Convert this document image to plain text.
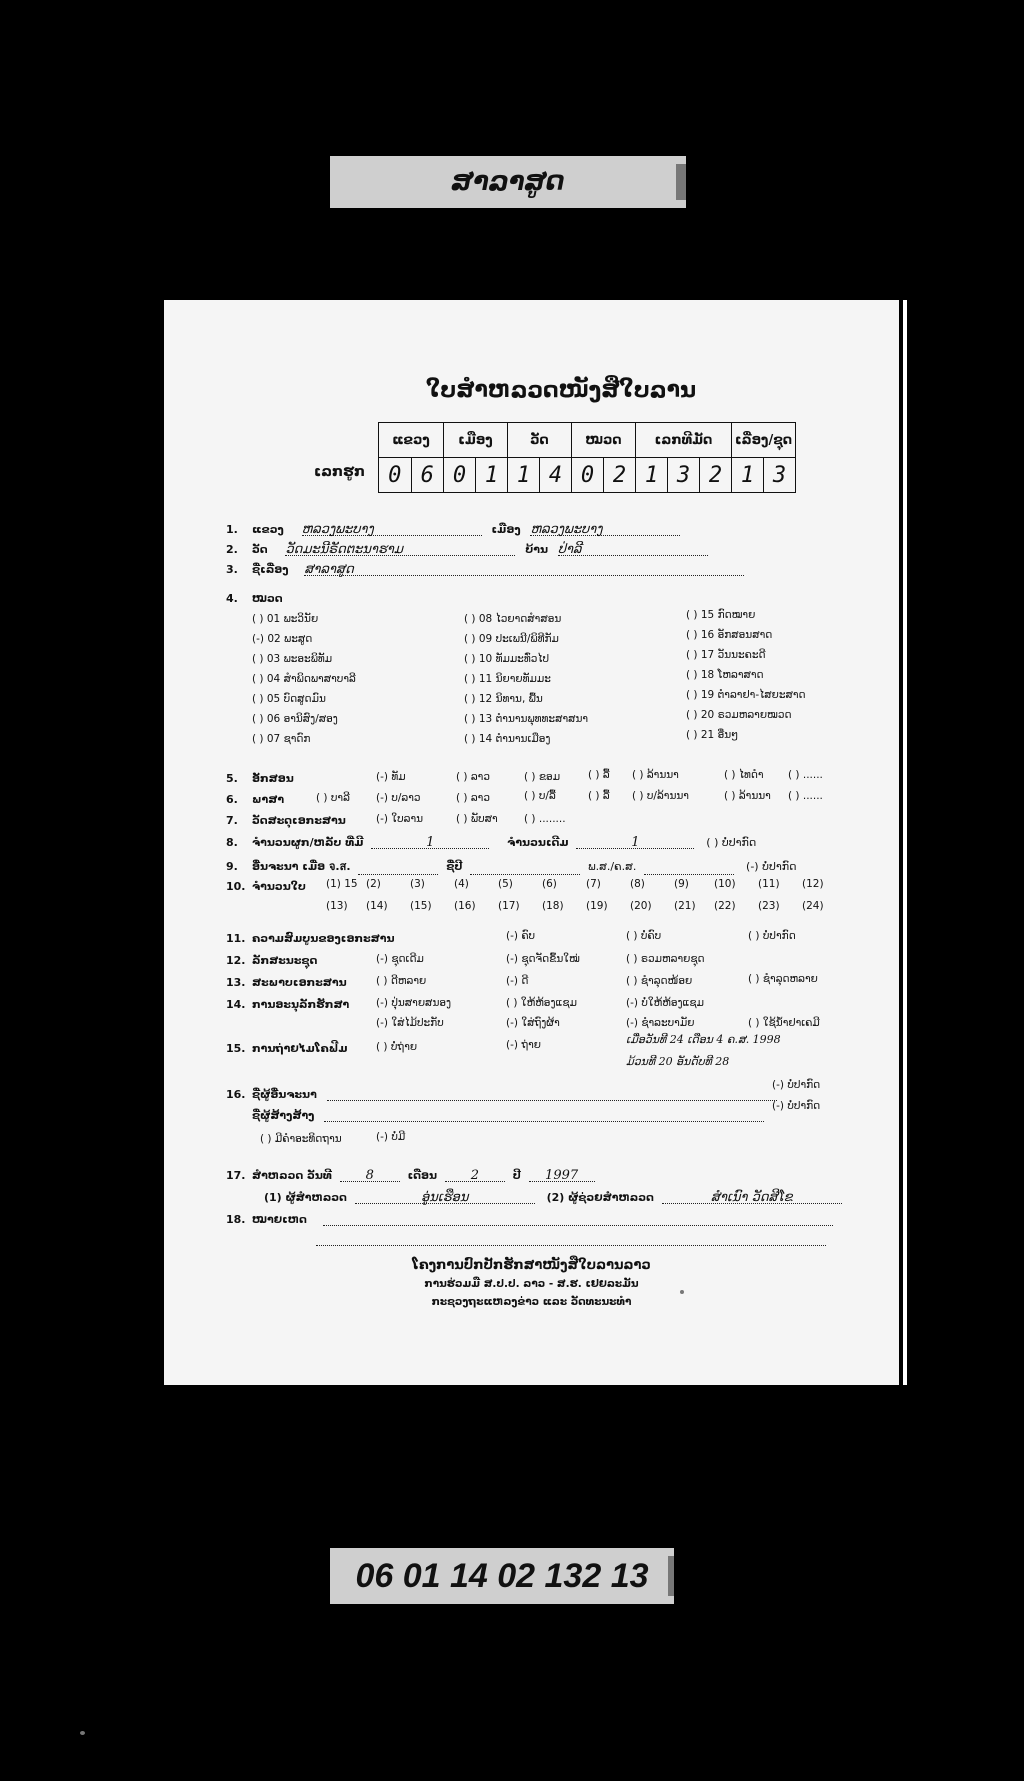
ສາລາສູດ
ໃບສຳຫລວດໜັງສືໃບລານ
ເລກຮູກ
ແຂວງ		ເມືອງ		ວັດ		ໝວດ		ເລກທີມັດ			ເລື່ອງ/ຊຸດ	
0	6	0	1	1	4	0	2	1	3	2	1	3
1. ແຂວງ ຫລວງພະບາງ	ເມືອງ ຫລວງພະບາງ
2. ວັດ ວັດມະນີຣັດຕະນາຮາມ	ບ້ານ ປ່າລີ
3. ຊື່ເລື່ອງ ສາລາສູດ
4. ໝວດ
( ) 01 ພະວິນັຍ
(-) 02 ພະສູດ
( ) 03 ພະອະພິທັມ
( ) 04 ສຳພິດພາສາບາລີ
( ) 05 ບົດສູດມົນ
( ) 06 ອານິສົງ/ສອງ
( ) 07 ຊາດົກ
( ) 08 ໄວຍາດສຳສອນ
( ) 09 ປະເພນີ/ພິທີກັມ
( ) 10 ທັມມະທົ່ວໄປ
( ) 11 ນິຍາຍທັມມະ
( ) 12 ນິທານ, ພື້ນ
( ) 13 ຕຳນານພຸທທະສາສນາ
( ) 14 ຕຳນານເມືອງ
( ) 15 ກົດໝາຍ
( ) 16 ອັກສອນສາດ
( ) 17 ວັນນະຄະດີ
( ) 18 ໂຫລາສາດ
( ) 19 ຕຳລາຢາ-ໄສຍະສາດ
( ) 20 ຣວມຫລາຍໝວດ
( ) 21 ອື່ນໆ
5. ອັກສອນ	(-) ທັມ	( ) ລາວ	( ) ຂອມ	( ) ລື້ ( ) ລ້ານນາ	( ) ໄທດຳ ( ) ......
6. ພາສາ	( ) ບາລີ (-) ບ/ລາວ	( ) ລາວ	( ) ບ/ລື້	( ) ລື້ ( ) ບ/ລ້ານນາ	( ) ລ້ານນາ ( ) ......
7. ວັດສະດຸເອກະສານ	(-) ໃບລານ	( ) ພັບສາ	( ) ........
8. ຈຳນວນຜູກ/ຫລັບ ທີ່ມີ	1	ຈຳນວນເດີມ	1	( ) ບໍ່ປາກົດ
9. ອື່ນຈະນາ ເມື່ອ จ.ส.	ຊື່ປີ	ພ.ສ./ຄ.ສ.	(-) ບໍ່ປາກົດ
10. ຈຳນວນໃບ (1) 15 (2)	(3)	(4)	(5)	(6)	(7)	(8)	(9) (10) (11) (12)
(13) (14) (15) (16) (17) (18) (19) (20) (21) (22) (23) (24)
11. ຄວາມສົມບູນຂອງເອກະສານ	(-) ຄົບ	( ) ບໍ່ຄົບ	( ) ບໍ່ປາກົດ
12. ລັກສະນະຊຸດ	(-) ຊຸດເດີມ	(-) ຊຸດຈັດຂຶ້ນໃໝ່	( ) ຣວມຫລາຍຊຸດ
13. ສະພາບເອກະສານ	( ) ດີຫລາຍ	(-) ດີ	( ) ຊຳລຸດໜ້ອຍ	( ) ຊຳລຸດຫລາຍ
14. ການອະນຸລັກຮັກສາ	(-) ປຸ່ນສາຍສນອງ	( ) ໃຫ້ຫ້ອງແຊມ	(-) ບໍ່ໃຫ້ຫ້ອງແຊມ
(-) ໃສ່ໄມ້ປະກັບ	(-) ໃສ່ຖົງຜ້າ	(-) ຊໍາລະບາມັຍ	( ) ໃຊ້ນ້ຳຢາເຄມີ
15. ການຖ່າຍໄມໂຄຟີມ	( ) ບໍ່ຖ່າຍ	(-) ຖ່າຍ	ເມື່ອວັນທີ 24 ເດືອນ 4 ຄ.ສ. 1998
ມ້ວນທີ 20 ອັນດັບທີ 28
16. ຊື່ຜູ້ອື່ນຈະນາ
(-) ບໍ່ປາກົດ
ຊື່ຜູ້ສ້າງສ້າງ
(-) ບໍ່ປາກົດ
( ) ມີຄຳອະທິດຖານ	(-) ບໍ່ມີ
17. ສຳຫລວດ ວັນທີ	8	ເດືອນ	2	ປີ 1997
(1) ຜູ້ສຳຫລວດ	ອູ່ນເຮືອນ	(2) ຜູ້ຊ່ວຍສຳຫລວດ	ສຳເນົາ ວັດສີໂຂ
18. ໝາຍເຫດ
ໂຄງການປົກປັກຮັກສາໜັງສືໃບລານລາວ
ການຮ່ວມມື ສ.ປ.ປ. ລາວ - ສ.ຮ. ເຢຍລະມັນ
ກະຊວງຖະແຫລງຂ່າວ ແລະ ວັດທະນະທຳ
06 01 14 02 132 13
